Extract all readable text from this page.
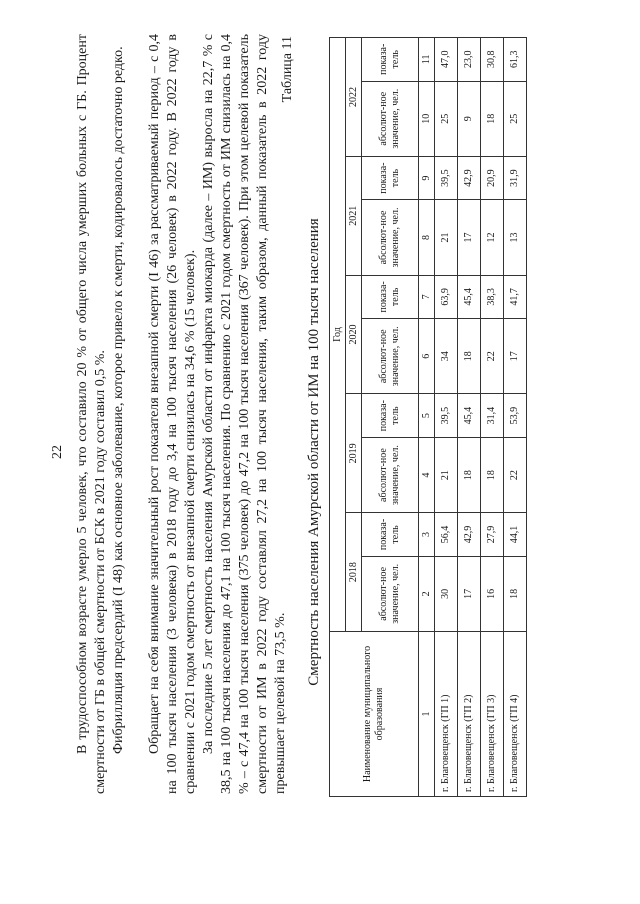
22 В трудоспособном возрасте умерло 5 человек, что составило 20 % от общего числа умерших больных с ГБ. Процент смертности от ГБ в общей смертности от БСК в 2021 году составил 0,5 %. Фибрилляция предсердий (I 48) как основное заболевание, которое привело к смерти, кодировалось достаточно редко. Обращает на себя внимание значительный рост показателя внезапной смерти (I 46) за рассматриваемый период – с 0,4 на 100 тысяч населения (3 человека) в 2018 году до 3,4 на 100 тысяч населения (26 человек) в 2022 году. В 2022 году в сравнении с 2021 годом смертность от внезапной смерти снизилась на 34,6 % (15 человек). За последние 5 лет смертность населения Амурской области от инфаркта миокарда (далее – ИМ) выросла на 22,7 % с 38,5 на 100 тысяч населения до 47,1 на 100 тысяч населения. По сравнению с 2021 годом смертность от ИМ снизилась на 0,4 % – с 47,4 на 100 тысяч населения (375 человек) до 47,2 на 100 тысяч населения (367 человек). При этом целевой показатель смертности от ИМ в 2022 году составлял 27,2 на 100 тысяч населения, таким образом, данный показатель в 2022 году превышает целевой на 73,5 %.

Таблица 11
Смертность населения Амурской области от ИМ на 100 тысяч населения
Наименование муниципального образования	Год									
	2018		2019		2020		2021		2022	
	абсолют-ное значение, чел.	показа-тель	абсолют-ное значение, чел.	показа-тель	абсолют-ное значение, чел.	показа-тель	абсолют-ное значение, чел.	показа-тель	абсолют-ное значение, чел.	показа-тель
1	2	3	4	5	6	7	8	9	10	11
г. Благовещенск (ГП 1)	30	56,4	21	39,5	34	63,9	21	39,5	25	47,0
г. Благовещенск (ГП 2)	17	42,9	18	45,4	18	45,4	17	42,9	9	23,0
г. Благовещенск (ГП 3)	16	27,9	18	31,4	22	38,3	12	20,9	18	30,8
г. Благовещенск (ГП 4)	18	44,1	22	53,9	17	41,7	13	31,9	25	61,3
